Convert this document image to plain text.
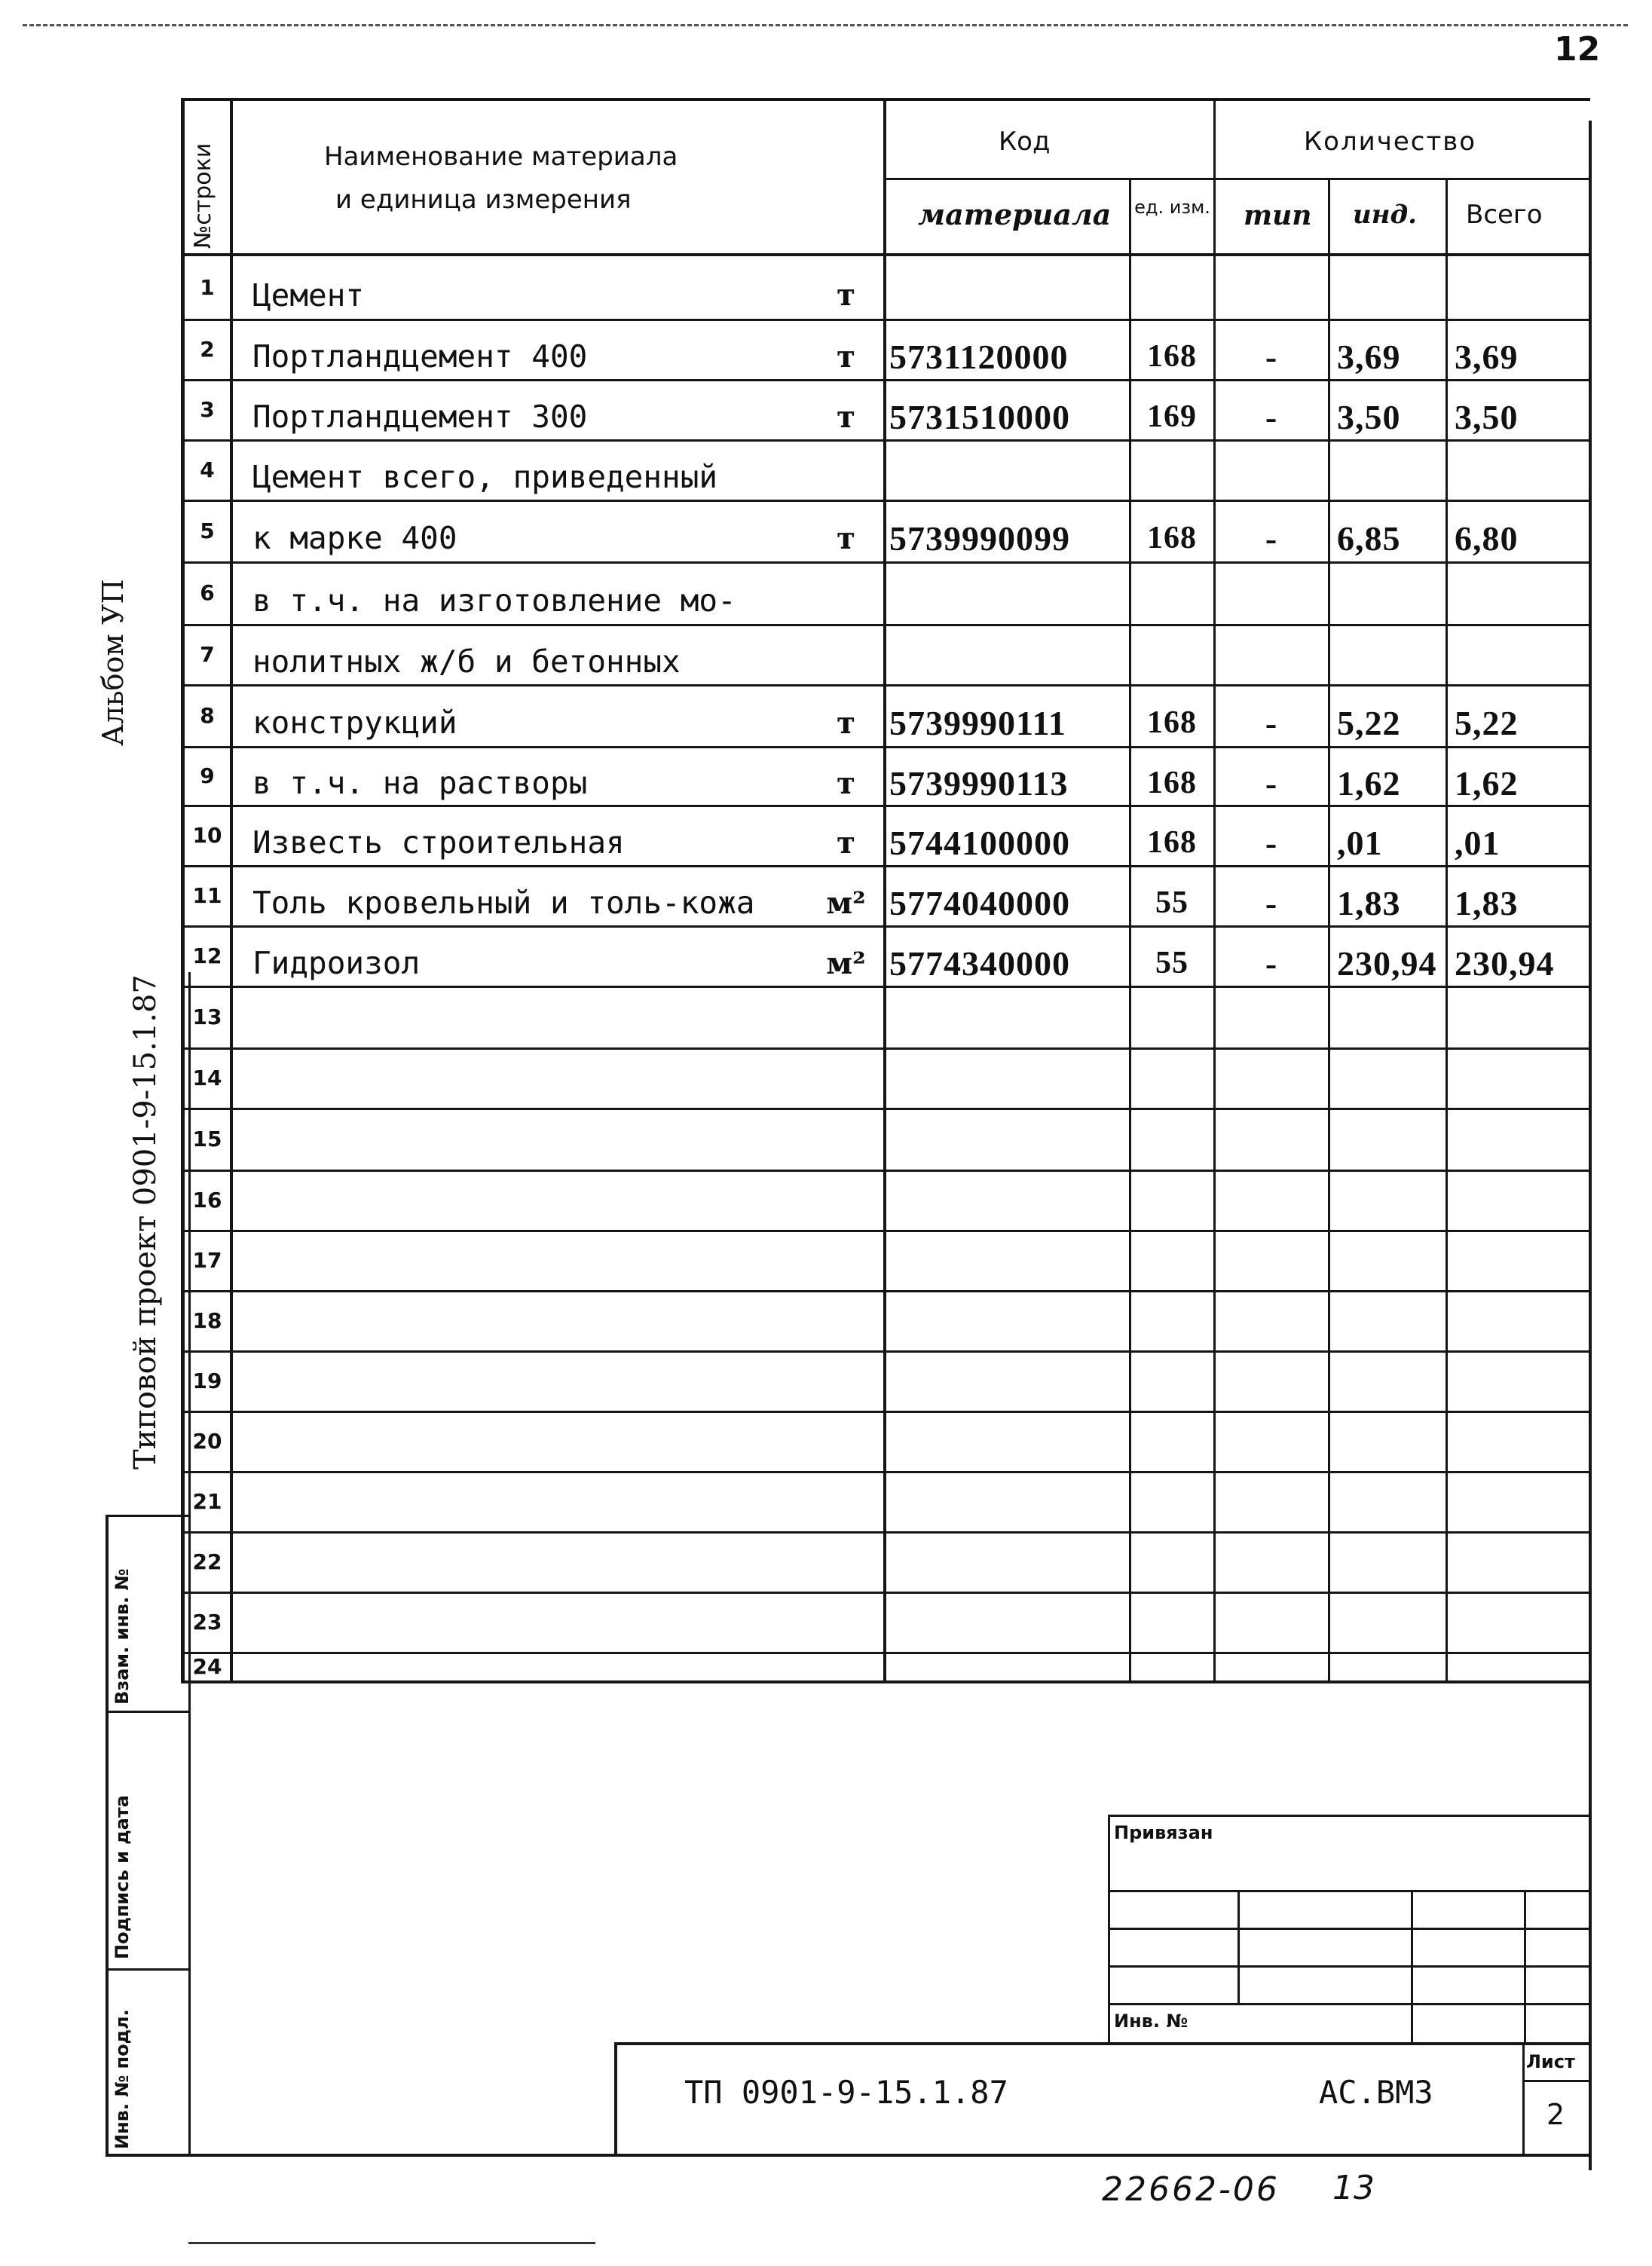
12
Альбом УП
Типовой проект 0901-9-15.1.87
№строки	Наименование материала
и единица измерения
Код	Количество
материала ед. изм. тип инд. Всего
1	Цемент	т
2	Портландцемент 400	т 5731120000	168	-	3,69	3,69
3	Портландцемент 300	т 5731510000	169	-	3,50	3,50
4	Цемент всего, приведенный
5	к марке 400	т 5739990099	168	-	6,85	6,80
6	в т.ч. на изготовление мо-
7	нолитных ж/б и бетонных
8	конструкций	т 5739990111	168	-	5,22	5,22
9	в т.ч. на растворы	т 5739990113	168	-	1,62	1,62
10 Известь строительная	т 5744100000	168	-	,01	,01
11 Толь кровельный и толь-кожа	м² 5774040000	55	-	1,83	1,83
12 Гидроизол	м² 5774340000	55	-	230,94 230,94
13
14
15
16
17
18
19
20
21
22
23
24
Взам. инв. №
Подпись и дата
Инв. № подл.
Привязан
Инв. №
ТП 0901-9-15.1.87	АС.ВМ3
Лист
2
22662-06 13
